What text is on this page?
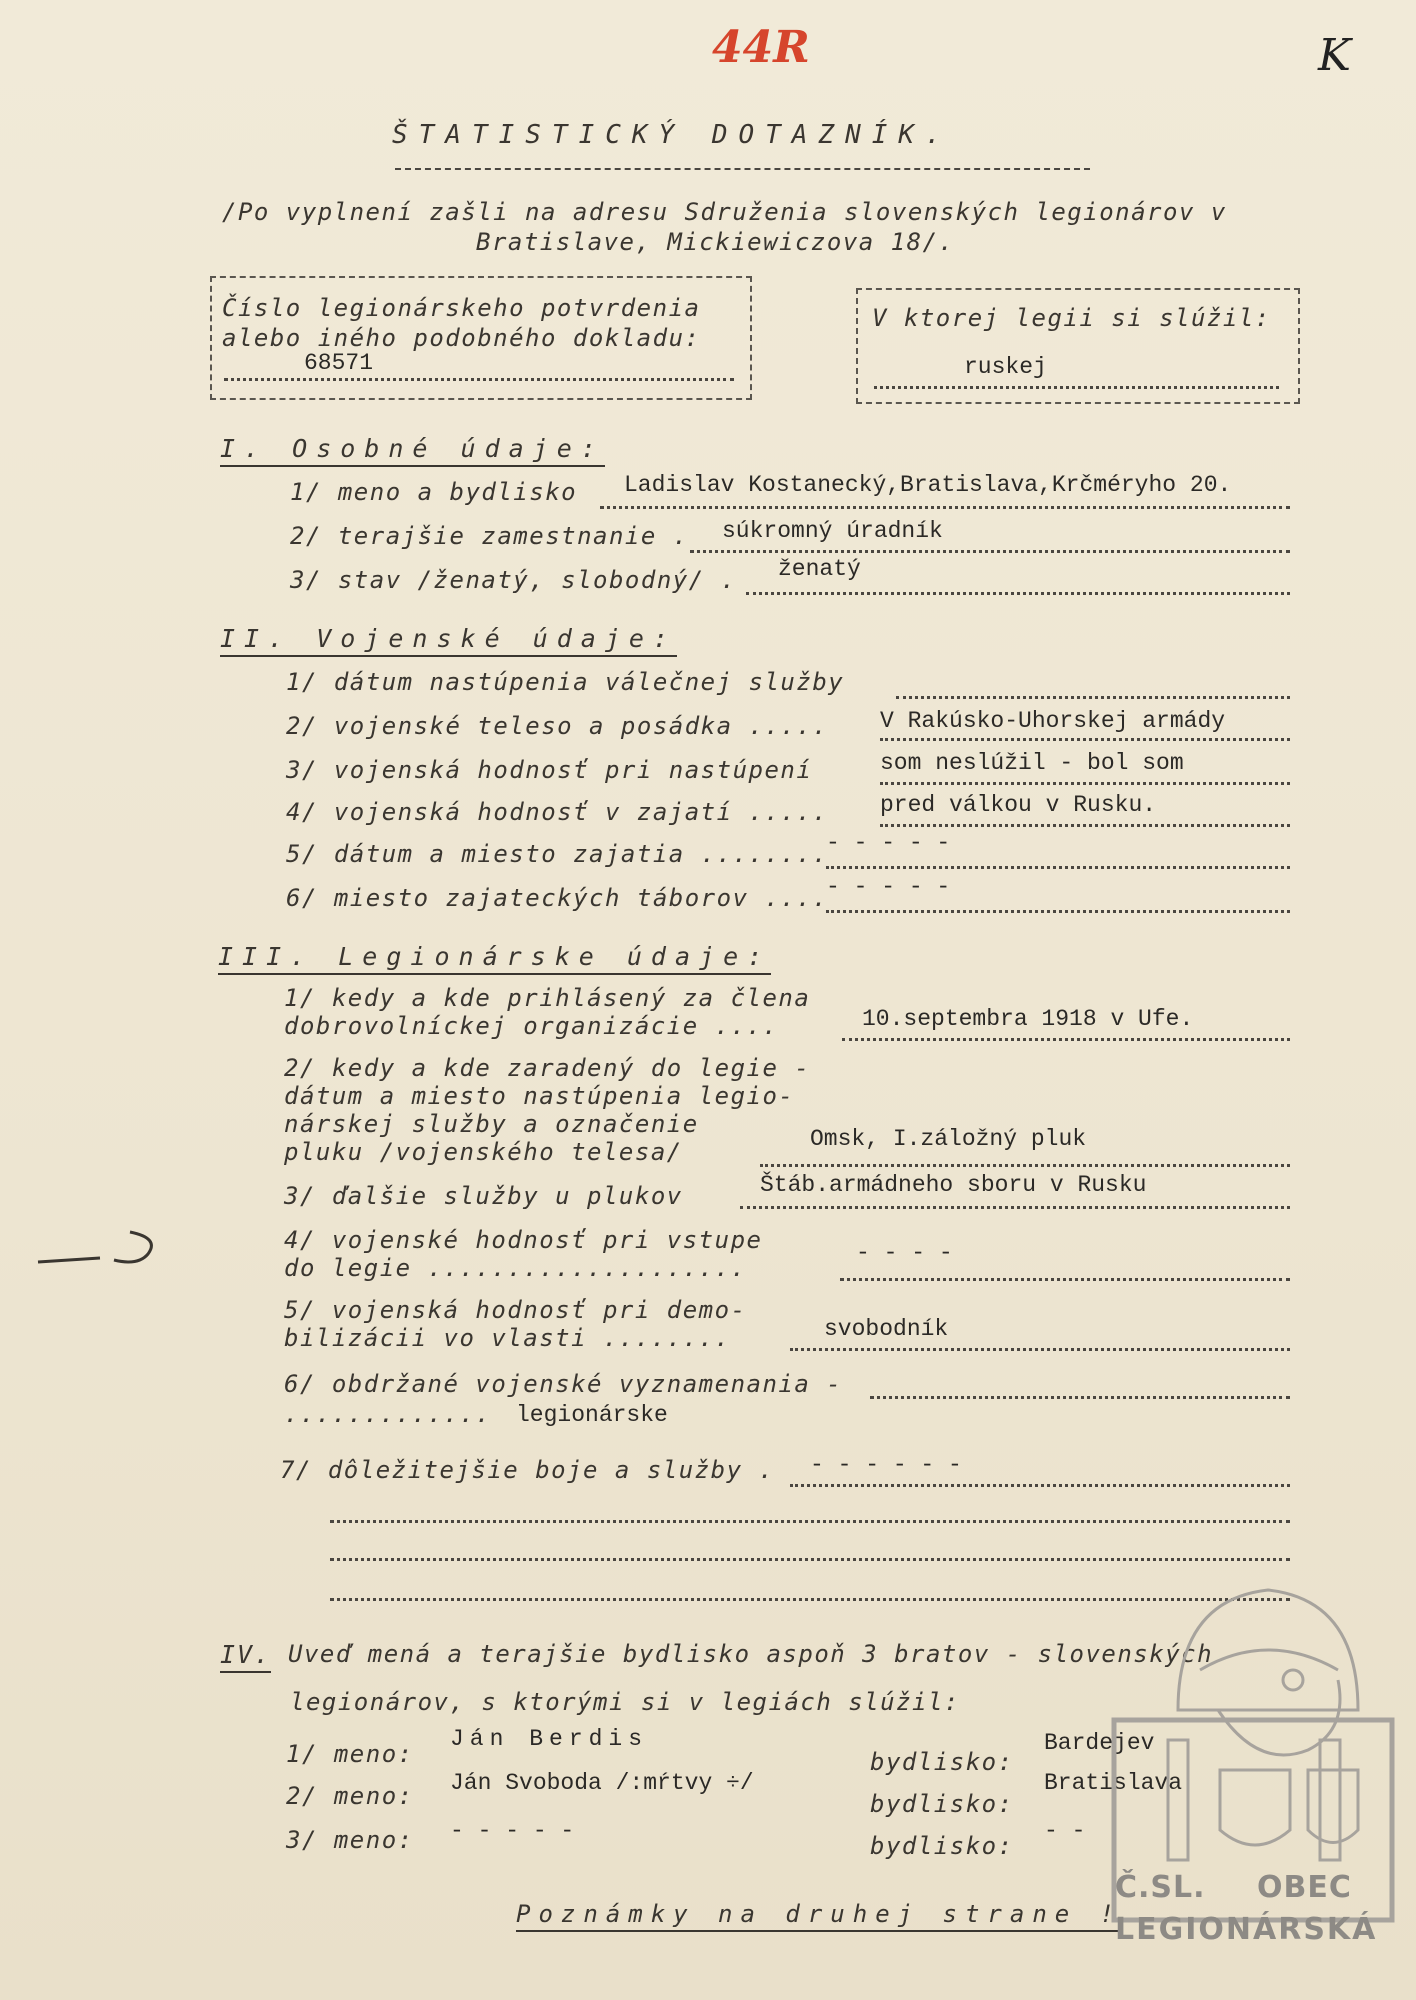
44R	K
ŠTATISTICKÝ DOTAZNÍK.
/Po vyplnení zašli na adresu Sdruženia slovenských legionárov v
Bratislave, Mickiewiczova 18/.
Číslo legionárskeho potvrdenia
alebo iného podobného dokladu:
68571
V ktorej legii si slúžil:
ruskej
I. Osobné údaje:
1/ meno a bydlisko Ladislav Kostanecký,Bratislava,Krčméryho 20.
2/ terajšie zamestnanie . súkromný úradník
3/ stav /ženatý, slobodný/ . ženatý
II. Vojenské údaje:
1/ dátum nastúpenia válečnej služby
2/ vojenské teleso a posádka ..... V Rakúsko-Uhorskej armády
3/ vojenská hodnosť pri nastúpení	som neslúžil - bol som
4/ vojenská hodnosť v zajatí ..... pred válkou v Rusku.
5/ dátum a miesto zajatia ........
- - - - -
6/ miesto zajateckých táborov ....
- - - - -
III. Legionárske údaje:
1/ kedy a kde prihlásený za člena
dobrovolníckej organizácie ....	10.septembra 1918 v Ufe.
2/ kedy a kde zaradený do legie -
dátum a miesto nastúpenia legio-
nárskej služby a označenie
pluku /vojenského telesa/	Omsk, I.záložný pluk
3/ ďalšie služby u plukov	Štáb.armádneho sboru v Rusku
4/ vojenské hodnosť pri vstupe
do legie ....................
- - - -
5/ vojenská hodnosť pri demo-
bilizácii vo vlasti ........	svobodník
6/ obdržané vojenské vyznamenania -
............. legionárske
7/ dôležitejšie boje a služby . - - - - - -
IV. Uveď mená a terajšie bydlisko aspoň 3 bratov - slovenských
legionárov, s ktorými si v legiách slúžil:
1/ meno:
Ján Berdis
bydlisko:
Bardejev
2/ meno: Ján Svoboda /:mŕtvy ÷/
bydlisko:
Bratislava
3/ meno: - - - - -
bydlisko:
- -
Poznámky na druhej strane !
Č.SL. OBEC
LEGIONÁRSKÁ
